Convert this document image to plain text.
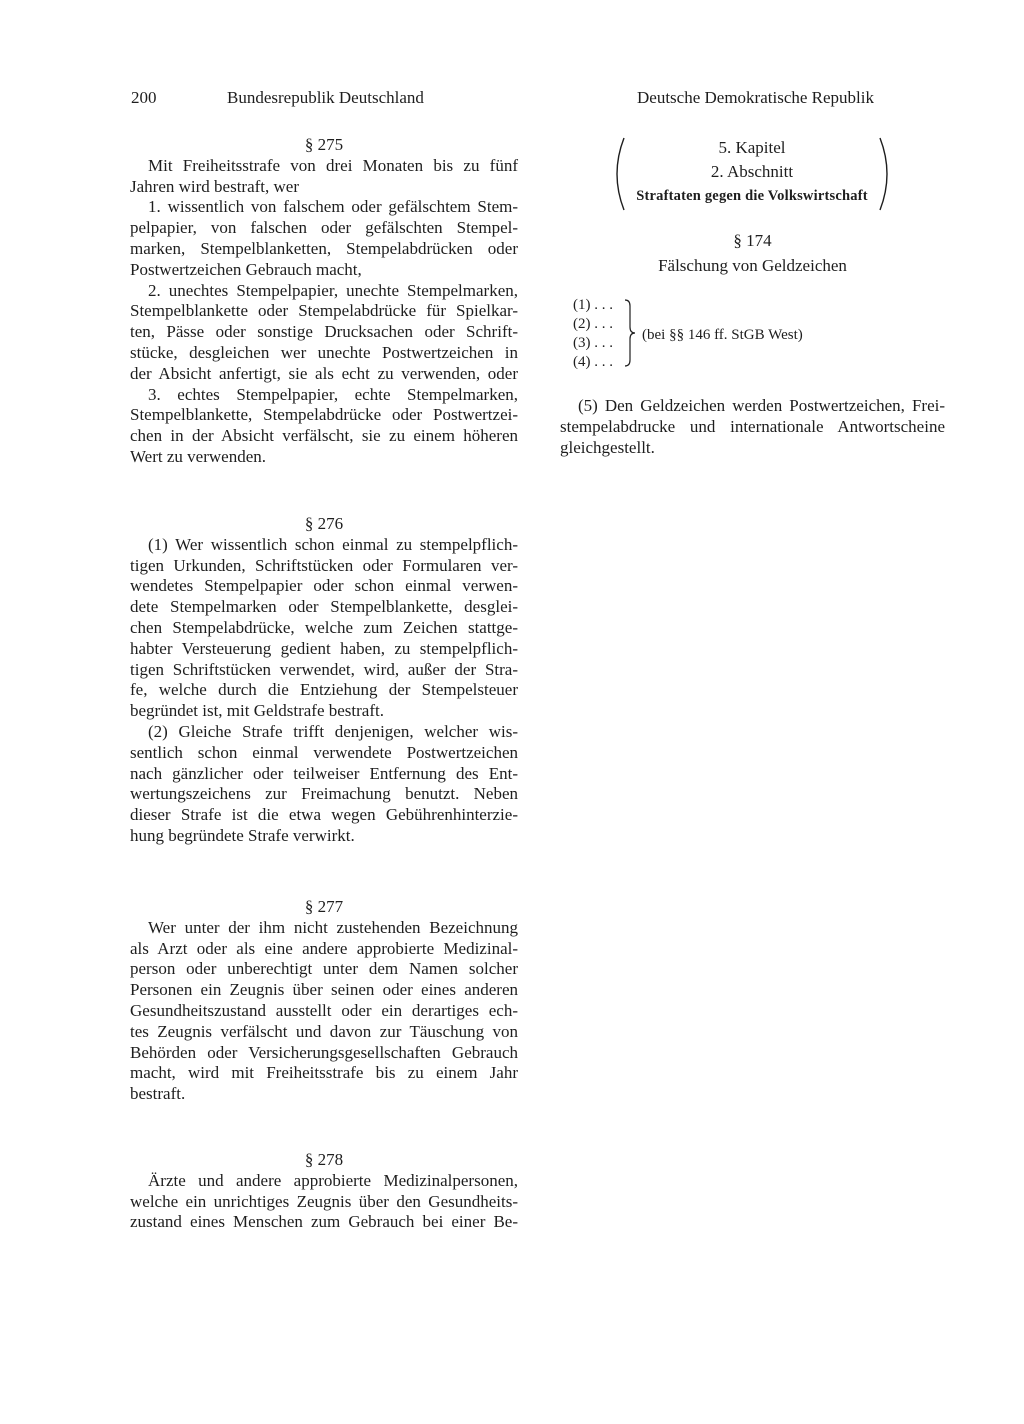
200	Bundesrepublik Deutschland	Deutsche Demokratische Republik
§ 275
Mit Freiheitsstrafe von drei Monaten bis zu fünf
Jahren wird bestraft, wer
1. wissentlich von falschem oder gefälschtem Stem-
pelpapier, von falschen oder gefälschten Stempel-
marken, Stempelblanketten, Stempelabdrücken oder
Postwertzeichen Gebrauch macht,
2. unechtes Stempelpapier, unechte Stempelmarken,
Stempelblankette oder Stempelabdrücke für Spielkar-
ten, Pässe oder sonstige Drucksachen oder Schrift-
stücke, desgleichen wer unechte Postwertzeichen in
der Absicht anfertigt, sie als echt zu verwenden, oder
3. echtes Stempelpapier, echte Stempelmarken,
Stempelblankette, Stempelabdrücke oder Postwertzei-
chen in der Absicht verfälscht, sie zu einem höheren
Wert zu verwenden.
§ 276
(1) Wer wissentlich schon einmal zu stempelpflich-
tigen Urkunden, Schriftstücken oder Formularen ver-
wendetes Stempelpapier oder schon einmal verwen-
dete Stempelmarken oder Stempelblankette, desglei-
chen Stempelabdrücke, welche zum Zeichen stattge-
habter Versteuerung gedient haben, zu stempelpflich-
tigen Schriftstücken verwendet, wird, außer der Stra-
fe, welche durch die Entziehung der Stempelsteuer
begründet ist, mit Geldstrafe bestraft.
(2) Gleiche Strafe trifft denjenigen, welcher wis-
sentlich schon einmal verwendete Postwertzeichen
nach gänzlicher oder teilweiser Entfernung des Ent-
wertungszeichens zur Freimachung benutzt. Neben
dieser Strafe ist die etwa wegen Gebührenhinterzie-
hung begründete Strafe verwirkt.
§ 277
Wer unter der ihm nicht zustehenden Bezeichnung
als Arzt oder als eine andere approbierte Medizinal-
person oder unberechtigt unter dem Namen solcher
Personen ein Zeugnis über seinen oder eines anderen
Gesundheitszustand ausstellt oder ein derartiges ech-
tes Zeugnis verfälscht und davon zur Täuschung von
Behörden oder Versicherungsgesellschaften Gebrauch
macht, wird mit Freiheitsstrafe bis zu einem Jahr
bestraft.
§ 278
Ärzte und andere approbierte Medizinalpersonen,
welche ein unrichtiges Zeugnis über den Gesundheits-
zustand eines Menschen zum Gebrauch bei einer Be-
5. Kapitel
2. Abschnitt
Straftaten gegen die Volkswirtschaft
§ 174
Fälschung von Geldzeichen
(1) . . .
(2) . . .
(3) . . .
(4) . . .
(bei §§ 146 ff. StGB West)
(5) Den Geldzeichen werden Postwertzeichen, Frei-
stempelabdrucke und internationale Antwortscheine
gleichgestellt.
